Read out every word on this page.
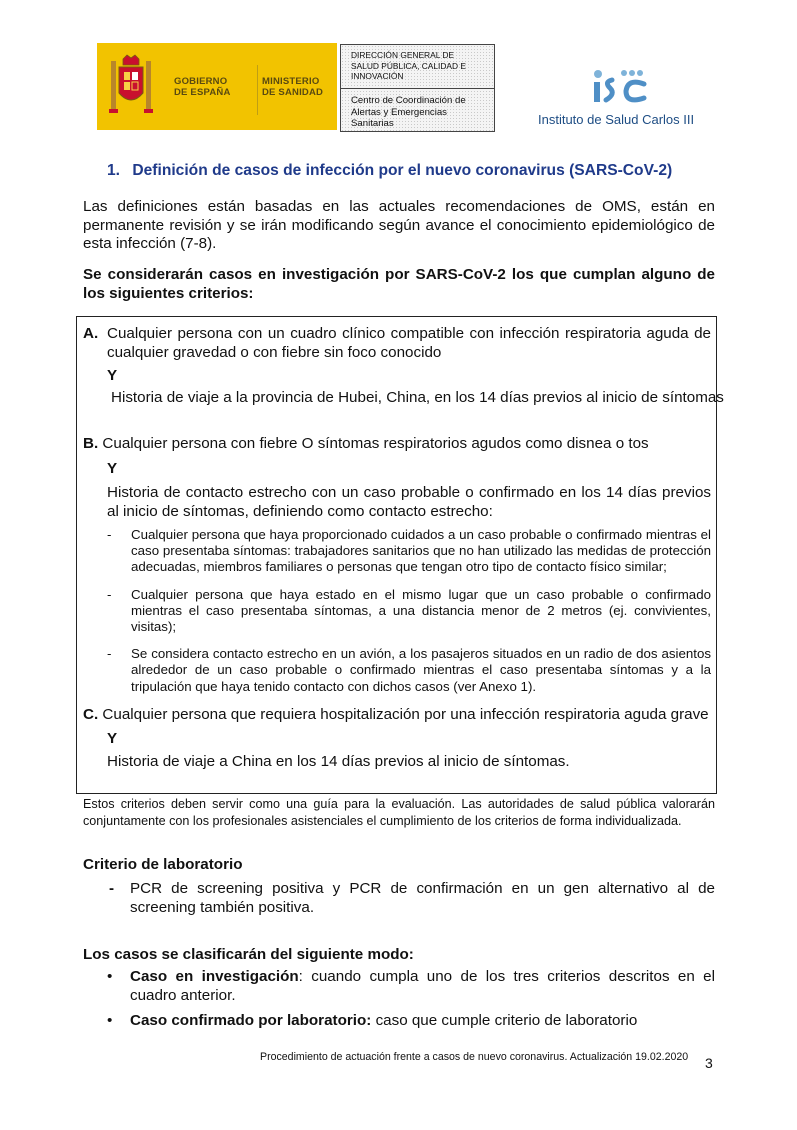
GOBIERNO
DE ESPAÑA
MINISTERIO
DE SANIDAD
DIRECCIÓN GENERAL DE
SALUD PÚBLICA, CALIDAD E
INNOVACIÓN
Centro de Coordinación de
Alertas y Emergencias
Sanitarias	Instituto de Salud Carlos III
1. Definición de casos de infección por el nuevo coronavirus (SARS-CoV-2)
Las definiciones están basadas en las actuales recomendaciones de OMS, están en permanente revisión y se irán modificando según avance el conocimiento epidemiológico de esta infección (7-8).
Se considerarán casos en investigación por SARS-CoV-2 los que cumplan alguno de los siguientes criterios:
A. Cualquier persona con un cuadro clínico compatible con infección respiratoria aguda de cualquier gravedad o con fiebre sin foco conocido
Y
Historia de viaje a la provincia de Hubei, China, en los 14 días previos al inicio de síntomas
B. Cualquier persona con fiebre O síntomas respiratorios agudos como disnea o tos
Y
Historia de contacto estrecho con un caso probable o confirmado en los 14 días previos al inicio de síntomas, definiendo como contacto estrecho:
- Cualquier persona que haya proporcionado cuidados a un caso probable o confirmado mientras el caso presentaba síntomas: trabajadores sanitarios que no han utilizado las medidas de protección adecuadas, miembros familiares o personas que tengan otro tipo de contacto físico similar;
- Cualquier persona que haya estado en el mismo lugar que un caso probable o confirmado mientras el caso presentaba síntomas, a una distancia menor de 2 metros (ej. convivientes, visitas);
- Se considera contacto estrecho en un avión, a los pasajeros situados en un radio de dos asientos alrededor de un caso probable o confirmado mientras el caso presentaba síntomas y a la tripulación que haya tenido contacto con dichos casos (ver Anexo 1).
C. Cualquier persona que requiera hospitalización por una infección respiratoria aguda grave
Y
Historia de viaje a China en los 14 días previos al inicio de síntomas.
Estos criterios deben servir como una guía para la evaluación. Las autoridades de salud pública valorarán conjuntamente con los profesionales asistenciales el cumplimiento de los criterios de forma individualizada.
Criterio de laboratorio
- PCR de screening positiva y PCR de confirmación en un gen alternativo al de screening también positiva.
Los casos se clasificarán del siguiente modo:
• Caso en investigación: cuando cumpla uno de los tres criterios descritos en el cuadro anterior.
• Caso confirmado por laboratorio: caso que cumple criterio de laboratorio
Procedimiento de actuación frente a casos de nuevo coronavirus. Actualización 19.02.2020 3
